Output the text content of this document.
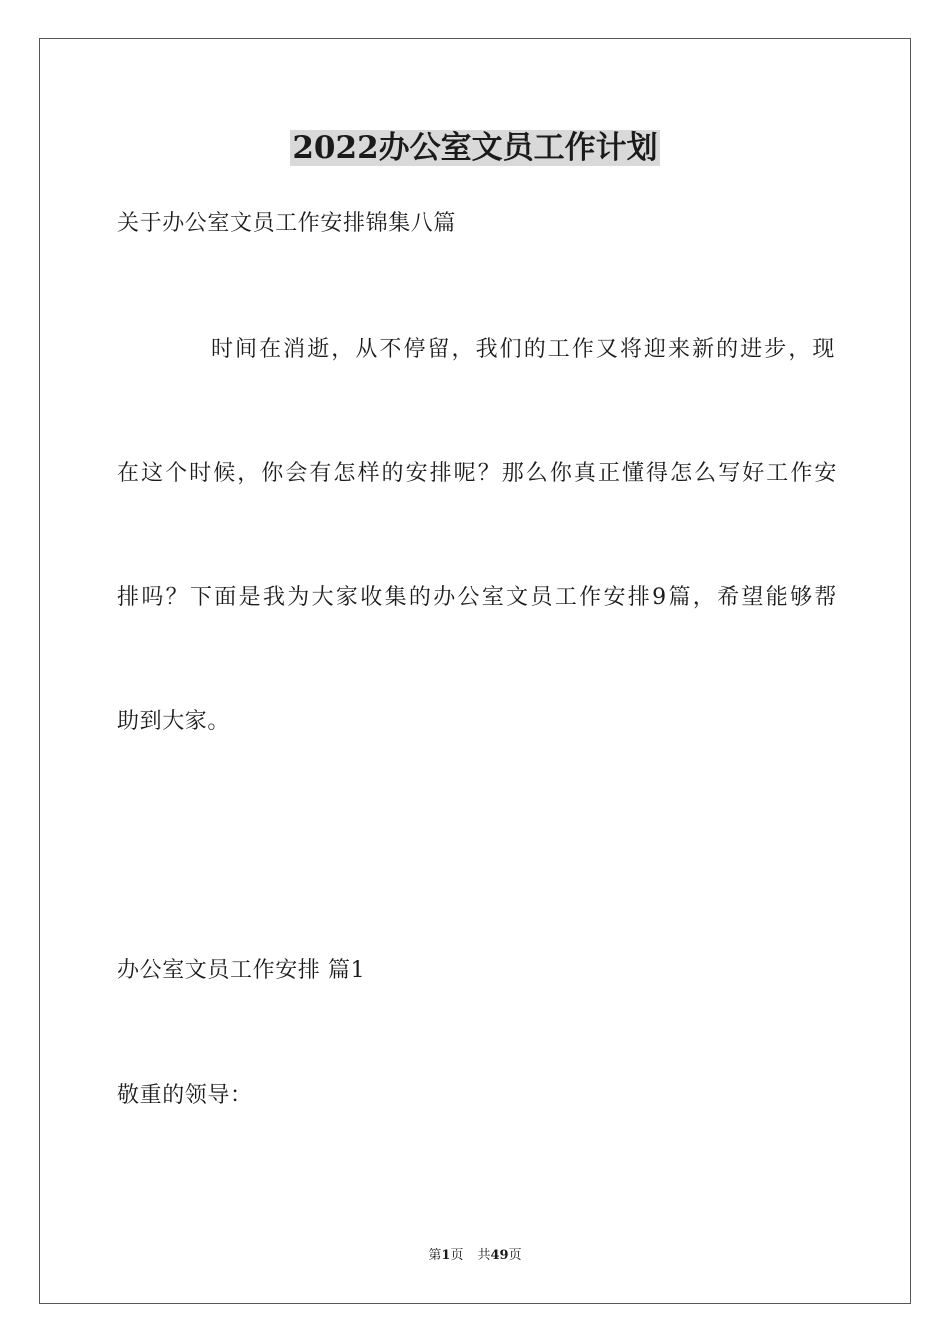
2022办公室文员工作计划
关于办公室文员工作安排锦集八篇
时间在消逝，从不停留，我们的工作又将迎来新的进步，现
在这个时候，你会有怎样的安排呢？那么你真正懂得怎么写好工作安
排吗？下面是我为大家收集的办公室文员工作安排9篇，希望能够帮
助到大家。
办公室文员工作安排 篇1
敬重的领导：
第1页 共49页
